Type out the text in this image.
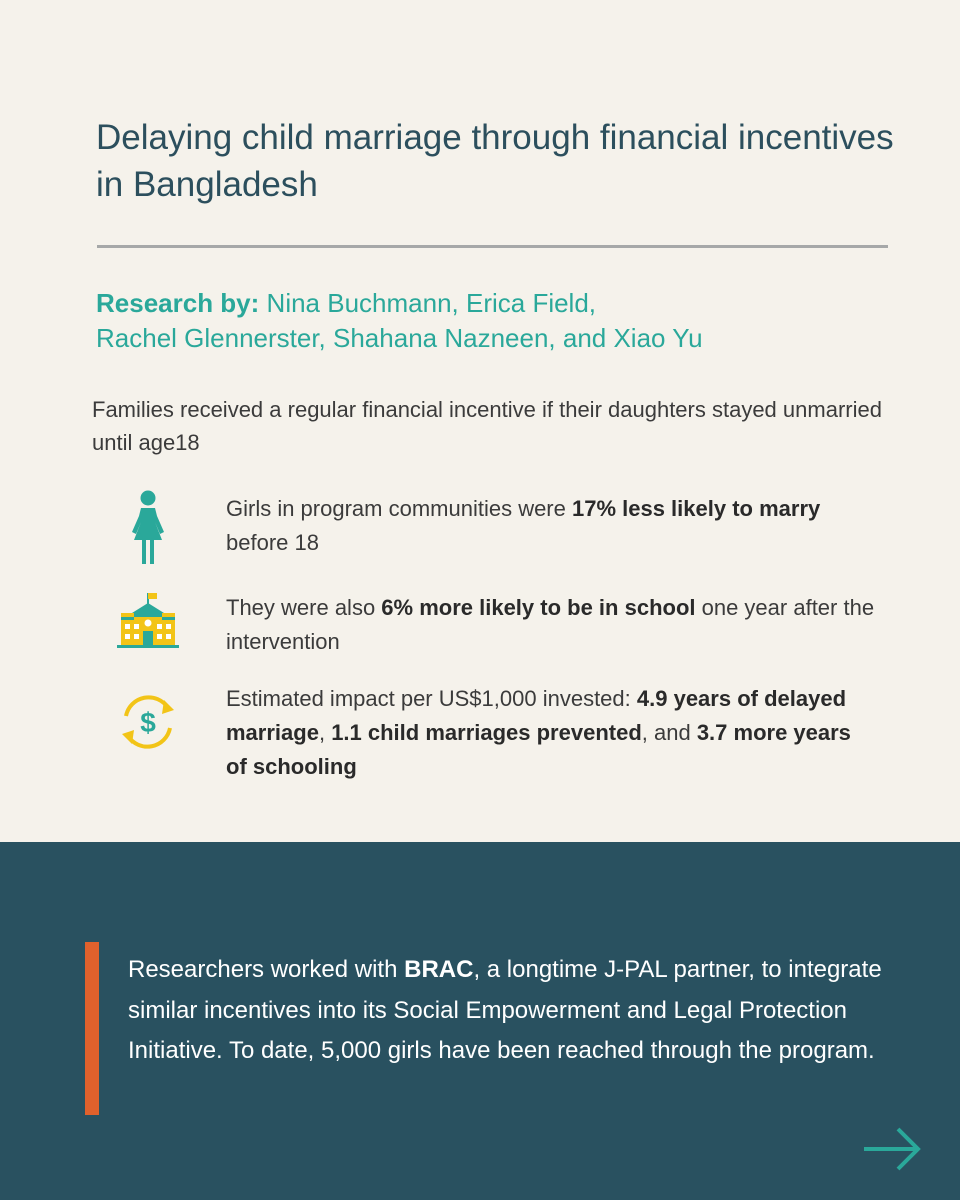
Delaying child marriage through financial incentives in Bangladesh
Research by: Nina Buchmann, Erica Field,
Rachel Glennerster, Shahana Nazneen, and Xiao Yu
Families received a regular financial incentive if their daughters stayed unmarried until age18
Girls in program communities were 17% less likely to marry before 18
They were also 6% more likely to be in school one year after the intervention
$
Estimated impact per US$1,000 invested: 4.9 years of delayed marriage, 1.1 child marriages prevented, and 3.7 more years of schooling
Researchers worked with BRAC, a longtime J-PAL partner, to integrate similar incentives into its Social Empowerment and Legal Protection Initiative. To date, 5,000 girls have been reached through the program.
